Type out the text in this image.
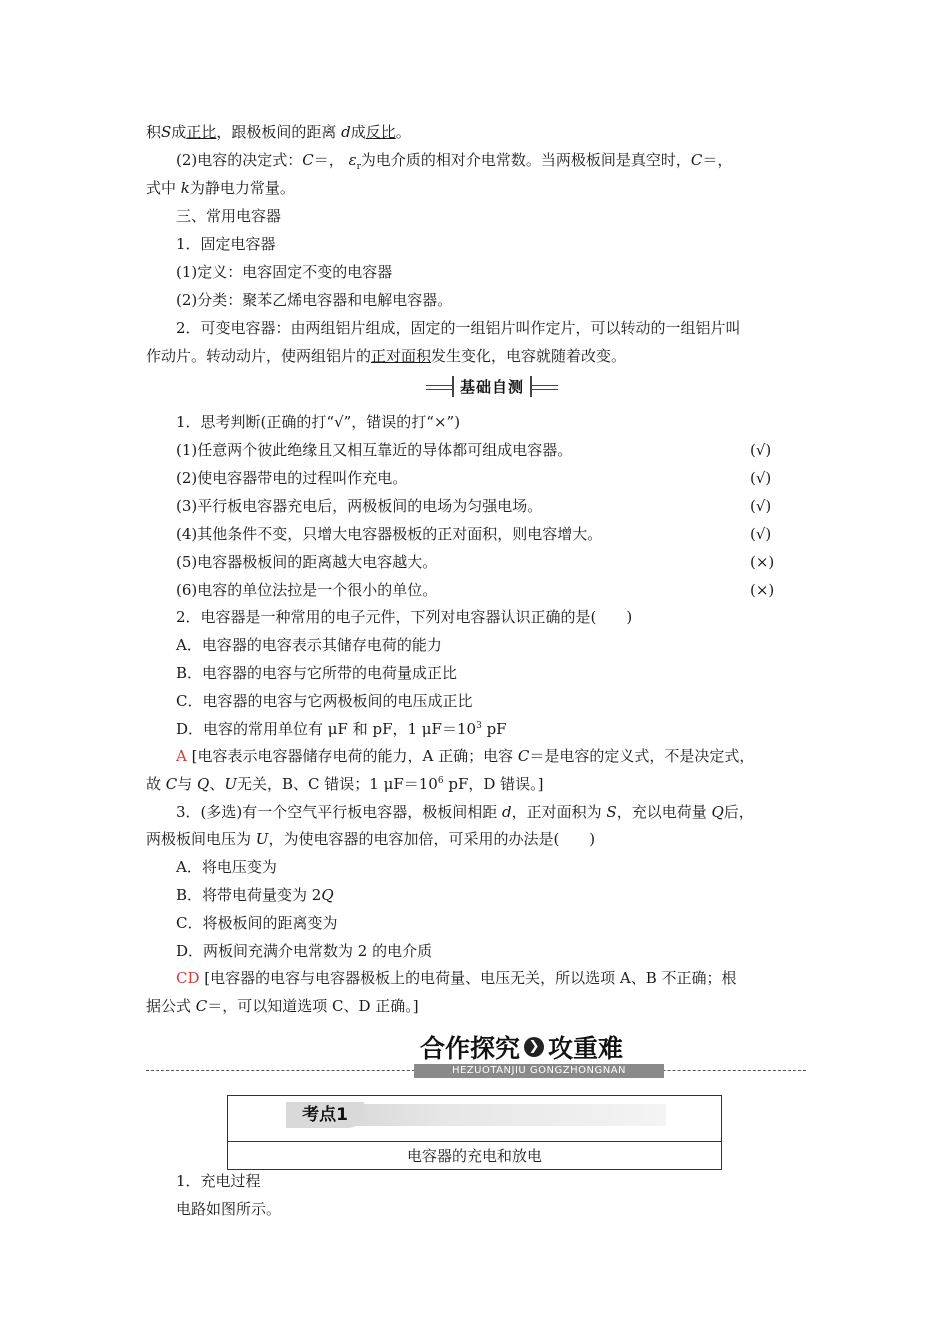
积S成正比，跟极板间的距离 d成反比。
(2)电容的决定式：C＝， $\varepsilon_r$为电介质的相对介电常数。当两极板间是真空时，C＝，
式中 k为静电力常量。
三、常用电容器
1．固定电容器
(1)定义：电容固定不变的电容器
(2)分类：聚苯乙烯电容器和电解电容器。
2．可变电容器：由两组铝片组成，固定的一组铝片叫作定片，可以转动的一组铝片叫
作动片。转动动片，使两组铝片的正对面积发生变化，电容就随着改变。
基础自测
1．思考判断(正确的打“√”，错误的打“×”)
(1)任意两个彼此绝缘且又相互靠近的导体都可组成电容器。	(√)
(2)使电容器带电的过程叫作充电。	(√)
(3)平行板电容器充电后，两极板间的电场为匀强电场。	(√)
(4)其他条件不变，只增大电容器极板的正对面积，则电容增大。	(√)
(5)电容器极板间的距离越大电容越大。	(×)
(6)电容的单位法拉是一个很小的单位。	(×)
2．电容器是一种常用的电子元件，下列对电容器认识正确的是(　　)
A．电容器的电容表示其储存电荷的能力
B．电容器的电容与它所带的电荷量成正比
C．电容器的电容与它两极板间的电压成正比
D．电容的常用单位有 μF 和 pF，1 $\mu F=10^3$ pF
A [电容表示电容器储存电荷的能力，A 正确；电容 C＝是电容的定义式，不是决定式，
故 C与 Q、U无关，B、C 错误；1 $\mu F=10^6$ pF，D 错误。]
3．(多选)有一个空气平行板电容器，极板间相距 d，正对面积为 S，充以电荷量 Q后，
两极板间电压为 U，为使电容器的电容加倍，可采用的办法是(　　)
A．将电压变为
B．将带电荷量变为 2Q
C．将极板间的距离变为
D．两板间充满介电常数为 2 的电介质
CD [电容器的电容与电容器极板上的电荷量、电压无关，所以选项 A、B 不正确；根
据公式 C＝，可以知道选项 C、D 正确。]
合作探究 ❯ 攻重难
HEZUOTANJIU GONGZHONGNAN
考点1
电容器的充电和放电
1．充电过程
电路如图所示。
